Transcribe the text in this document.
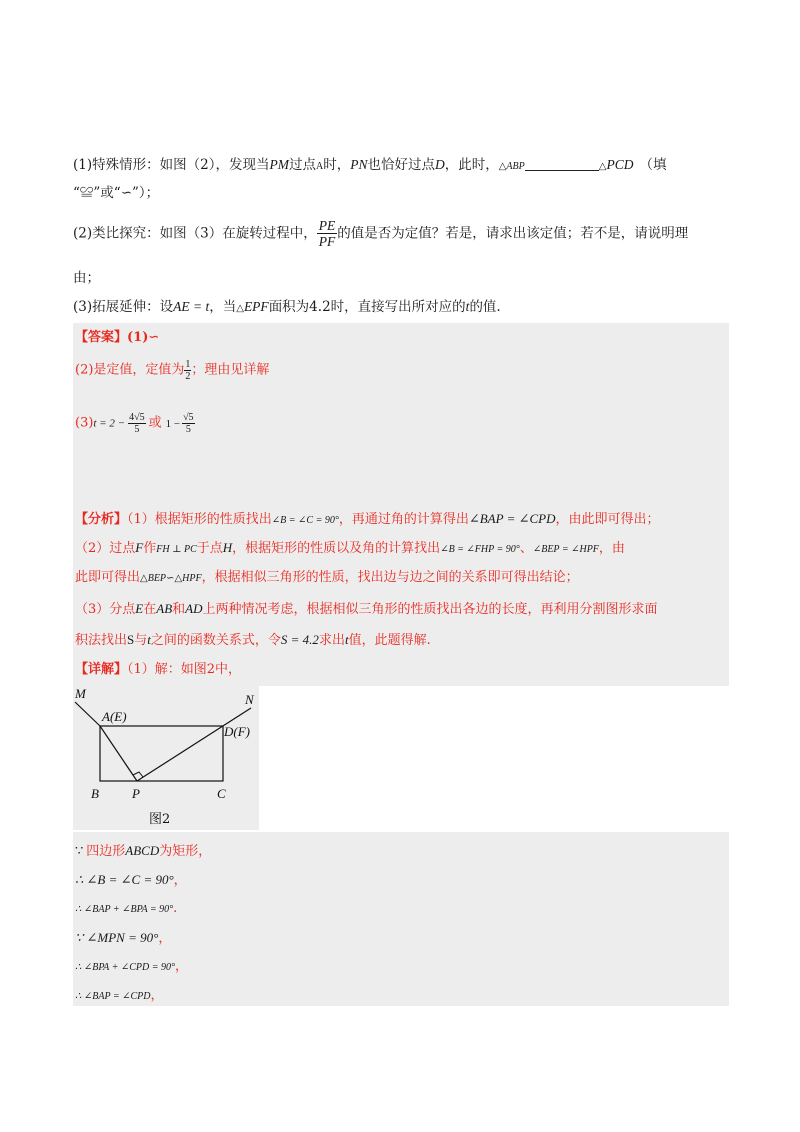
(1)特殊情形：如图（2），发现当PM过点A时，PN也恰好过点D，此时，△ABP	△PCD （填
“≌”或“∽”）；
(2)类比探究：如图（3）在旋转过程中， $\frac{PE}{PF}$ 的值是否为定值？若是，请求出该定值；若不是，请说明理
由；
(3)拓展延伸：设AE = t，当△EPF面积为4.2时，直接写出所对应的t的值.
【答案】(1)∽
(2)是定值，定值为 $\frac{1}{2}$ ；理由见详解
$(3)t = 2 - \frac{4√5}{5}$ 或 $1 - \frac{√5}{5}$
【分析】（1）根据矩形的性质找出∠B = ∠C = 90°，再通过角的计算得出∠BAP = ∠CPD，由此即可得出；
（2）过点F作FH ⊥ PC于点H，根据矩形的性质以及角的计算找出∠B = ∠FHP = 90°、∠BEP = ∠HPF，由
此即可得出△BEP∽△HPF，根据相似三角形的性质，找出边与边之间的关系即可得出结论；
（3）分点E在AB和AD上两种情况考虑，根据相似三角形的性质找出各边的长度，再利用分割图形求面
积法找出S与t之间的函数关系式，令S = 4.2求出t值，此题得解.
【详解】（1）解：如图2中，
M	N
A(E)
D(F)
B	P	C
图2
∵ 四边形ABCD为矩形，
∴ ∠B = ∠C = 90°，
∴ ∠BAP + ∠BPA = 90°.
∵ ∠MPN = 90°，
∴ ∠BPA + ∠CPD = 90°，
∴ ∠BAP = ∠CPD，
